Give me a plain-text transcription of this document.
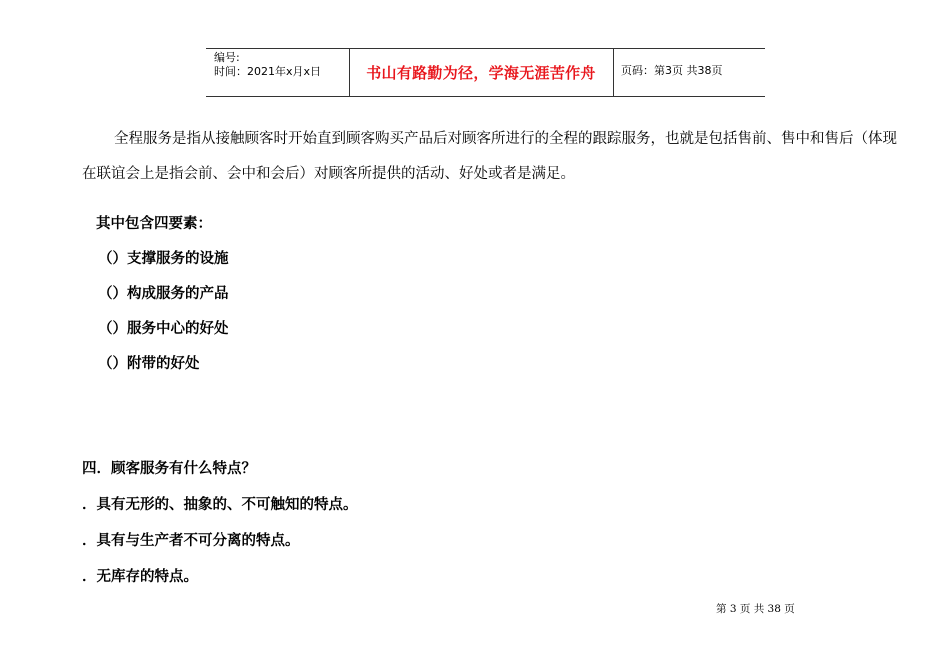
编号:
时间：2021年x月x日	书山有路勤为径，学海无涯苦作舟	页码：第3页 共38页

全程服务是指从接触顾客时开始直到顾客购买产品后对顾客所进行的全程的跟踪服务，也就是包括售前、售中和售后（体现在联谊会上是指会前、会中和会后）对顾客所提供的活动、好处或者是满足。

其中包含四要素：
（）支撑服务的设施
（）构成服务的产品
（）服务中心的好处
（）附带的好处
四．顾客服务有什么特点？
．具有无形的、抽象的、不可触知的特点。
．具有与生产者不可分离的特点。
．无库存的特点。
第 3 页 共 38 页
